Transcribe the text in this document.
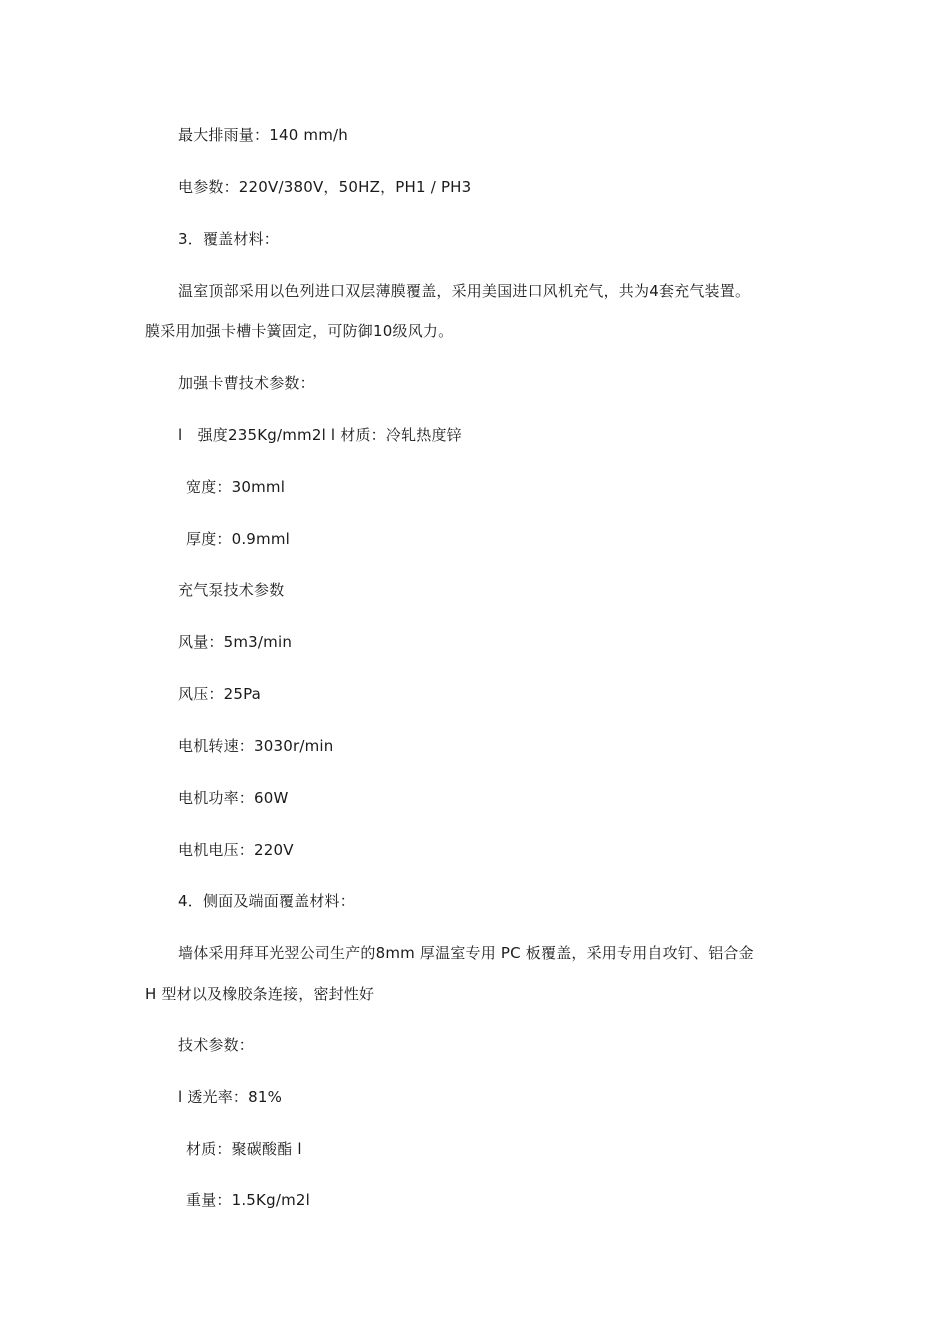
最大排雨量：140 mm/h
电参数：220V/380V，50HZ，PH1 / PH3
3．覆盖材料：
温室顶部采用以色列进口双层薄膜覆盖，采用美国进口风机充气，共为4套充气装置。
膜采用加强卡槽卡簧固定，可防御10级风力。
加强卡曹技术参数：
l　强度235Kg/mm2l l 材质：冷轧热度锌
宽度：30mml
厚度：0.9mml
充气泵技术参数
风量：5m3/min
风压：25Pa
电机转速：3030r/min
电机功率：60W
电机电压：220V
4．侧面及端面覆盖材料：
墙体采用拜耳光翌公司生产的8mm 厚温室专用 PC 板覆盖，采用专用自攻钉、铝合金
H 型材以及橡胶条连接，密封性好
技术参数：
l 透光率：81%
材质：聚碳酸酯 l
重量：1.5Kg/m2l
